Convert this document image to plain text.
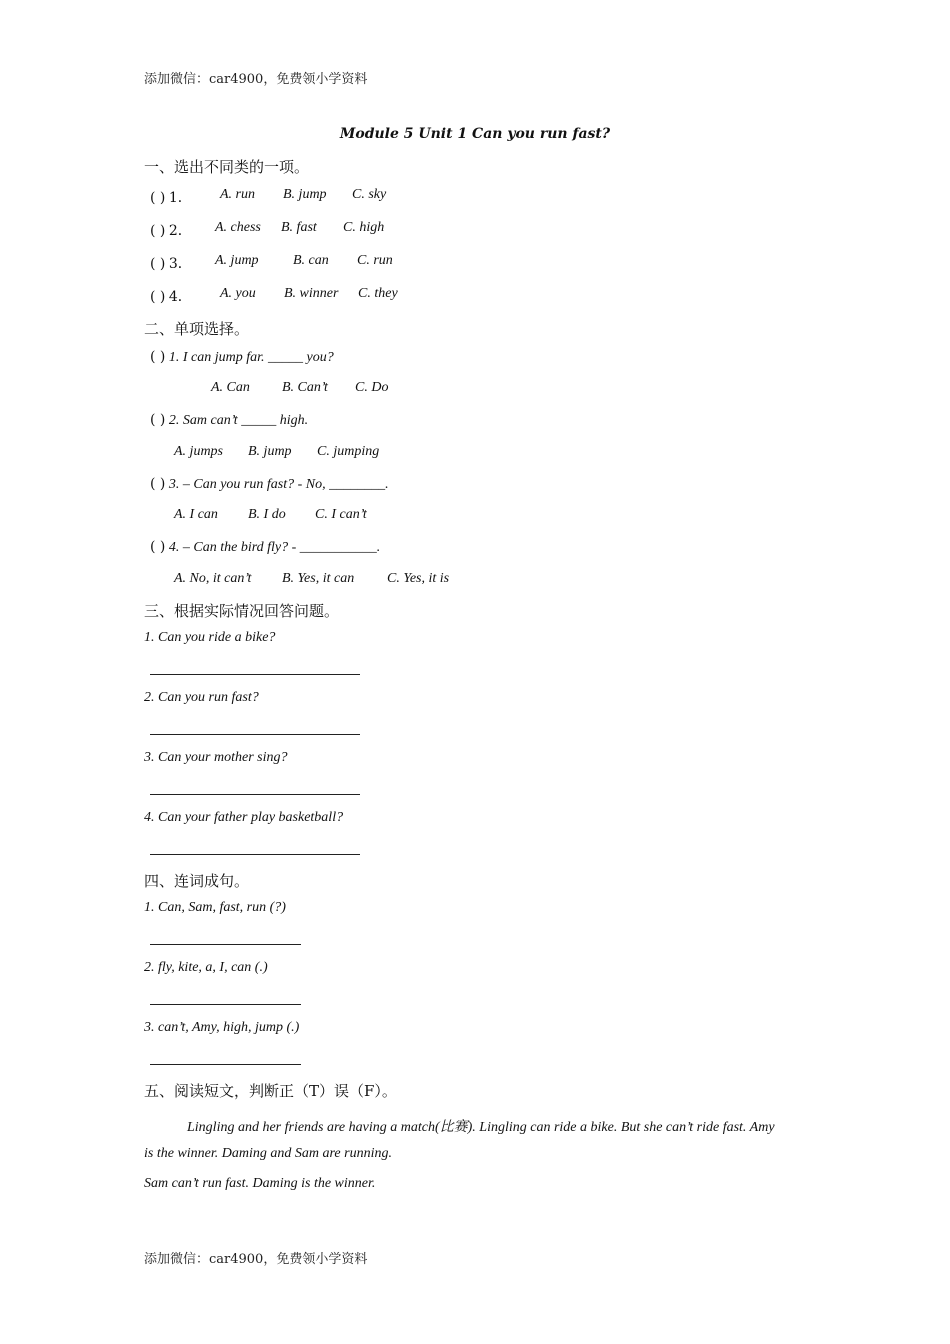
添加微信：car4900，免费领小学资料
Module 5 Unit 1 Can you run fast?
一、选出不同类的一项。
( ) 1． A. run B. jump C. sky
( ) 2． A. chess B. fast C. high
( ) 3． A. jump B. can C. run
( ) 4． A. you B. winner C. they
二、单项选择。
( ) 1. I can jump far. _____ you?
A. Can B. Can’t C. Do
( ) 2. Sam can’t _____ high.
A. jumps B. jump C. jumping
( ) 3. – Can you run fast? - No, ________.
A. I can B. I do C. I can’t
( ) 4. – Can the bird fly? - ___________.
A. No, it can’t B. Yes, it can C. Yes, it is
三、根据实际情况回答问题。
1. Can you ride a bike?
2. Can you run fast?
3. Can your mother sing?
4. Can your father play basketball?
四、连词成句。
1. Can, Sam, fast, run (?)
2. fly, kite, a, I, can (.)
3. can’t, Amy, high, jump (.)
五、阅读短文，判断正（T）误（F）。
Lingling and her friends are having a match(比赛). Lingling can ride a bike. But she can’t ride fast. Amy
is the winner. Daming and Sam are running.
Sam can’t run fast. Daming is the winner.
添加微信：car4900，免费领小学资料
